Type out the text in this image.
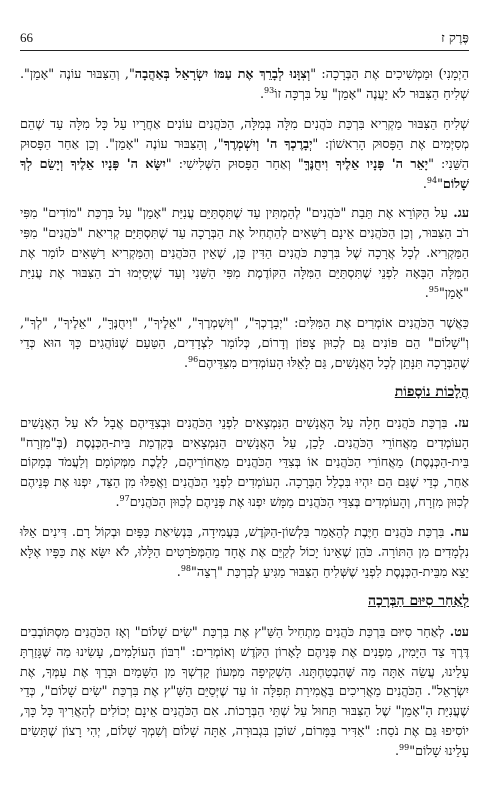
66	פֶּרֶק ז

הַיְמָנִי) וּמַמְשִׁיכִים אֶת הַבְּרָכָה: "וְצִוָּנוּ לְבָרֵךְ אֶת עַמּוֹ יִשְׂרָאֵל בְּאַהֲבָה", וְהַצִּבּוּר עוֹנֶה "אָמֵן". שְׁלִיחַ הַצִּבּוּר לֹא יַעֲנֶה "אָמֵן" עַל בִּרְכָּה זוֹ$^{93}$.

שְׁלִיחַ הַצִּבּוּר מַקְרִיא בִּרְכַּת כֹּהֲנִים מִלָּה בְּמִלָּה, הַכֹּהֲנִים עוֹנִים אַחֲרָיו עַל כָּל מִלָּה עַד שֶׁהֵם מְסַיְּמִים אֶת הַפָּסוּק הָרִאשׁוֹן: "יְבָרֶכְךָ ה' וְיִשְׁמְרֶךָ", וְהַצִּבּוּר עוֹנֶה "אָמֵן". וְכֵן אַחַר הַפָּסוּק הַשֵּׁנִי: "יָאֵר ה' פָּנָיו אֵלֶיךָ וִיחֻנֶּךָּ" וְאַחַר הַפָּסוּק הַשְּׁלִישִׁי: "יִשָּׂא ה' פָּנָיו אֵלֶיךָ וְיָשֵׂם לְךָ שָׁלוֹם"$^{94}$.

עג. עַל הַקּוֹרֵא אֶת תֵּבַת "כֹּהֲנִים" לְהַמְתִּין עַד שֶׁתִּסְתַּיֵּם עֲנִיַּת "אָמֵן" עַל בִּרְכַּת "מוֹדִים" מִפִּי רֹב הַצִּבּוּר, וְכֵן הַכֹּהֲנִים אֵינָם רַשָּׁאִים לְהַתְחִיל אֶת הַבְּרָכָה עַד שֶׁתִּסְתַּיֵּם קְרִיאַת "כֹּהֲנִים" מִפִּי הַמַּקְרִיא. לְכָל אֲרָכָה שֶׁל בִּרְכַּת כֹּהֲנִים הַדִּין כֵּן, שֶׁאֵין הַכֹּהֲנִים וְהַמַּקְרִיא רַשָּׁאִים לוֹמַר אֶת הַמִּלָּה הַבָּאָה לִפְנֵי שֶׁתִּסְתַּיֵּם הַמִּלָּה הַקּוֹדֶמֶת מִפִּי הַשֵּׁנִי וְעַד שֶׁיְּסַיְּמוּ רֹב הַצִּבּוּר אֶת עֲנִיַּת "אָמֵן"$^{95}$.

כַּאֲשֶׁר הַכֹּהֲנִים אוֹמְרִים אֶת הַמִּלִּים: "יְבָרֶכְךָ", "וְיִשְׁמְרֶךָ", "אֵלֶיךָ", "וִיחֻנֶּךָּ", "אֵלֶיךָ", "לְךָ", וְ"שָׁלוֹם" הֵם פּוֹנִים גַּם לְכִוּוּן צָפוֹן וְדָרוֹם, כְּלוֹמַר לִצְדָדִים, הַטַּעַם שֶׁנּוֹהֲגִים כָּךְ הוּא כְּדֵי שֶׁהַבְּרָכָה תִּנָּתֵן לְכָל הָאֲנָשִׁים, גַּם לָאֵלּוּ הָעוֹמְדִים מִצִּדֵּיהֶם$^{96}$.

הֲלָכוֹת נוֹסָפוֹת

עז. בִּרְכַּת כֹּהֲנִים חָלָה עַל הָאֲנָשִׁים הַנִּמְצָאִים לִפְנֵי הַכֹּהֲנִים וּבְצִדֵּיהֶם אֲבָל לֹא עַל הָאֲנָשִׁים הָעוֹמְדִים מֵאֲחוֹרֵי הַכֹּהֲנִים. לָכֵן, עַל הָאֲנָשִׁים הַנִּמְצָאִים בְּקִדְמַת בֵּית-הַכְּנֶסֶת (בְּ"מִזְרָח" בֵּית-הַכְּנֶסֶת) מֵאֲחוֹרֵי הַכֹּהֲנִים אוֹ בְּצִדֵּי הַכֹּהֲנִים מֵאֲחוֹרֵיהֶם, לָלֶכֶת מִמְּקוֹמָם וְלַעֲמֹד בְּמָקוֹם אַחֵר, כְּדֵי שֶׁגַּם הֵם יִהְיוּ בִּכְלַל הַבְּרָכָה. הָעוֹמְדִים לִפְנֵי הַכֹּהֲנִים וַאֲפִלּוּ מִן הַצַּד, יִפְנוּ אֶת פְּנֵיהֶם לְכִוּוּן מִזְרָח, וְהָעוֹמְדִים בְּצִדֵּי הַכֹּהֲנִים מַמָּשׁ יִפְנוּ אֶת פְּנֵיהֶם לְכִוּוּן הַכֹּהֲנִים$^{97}$.

עח. בִּרְכַּת כֹּהֲנִים חַיֶּבֶת לְהֵאָמֵר בִּלְשׁוֹן-הַקֹּדֶשׁ, בַּעֲמִידָה, בִּנְשִׂיאַת כַּפַּיִם וּבְקוֹל רָם. דִּינִים אֵלּוּ נִלְמָדִים מִן הַתּוֹרָה. כֹּהֵן שֶׁאֵינוֹ יָכוֹל לְקַיֵּם אֶת אֶחָד מֵהַמְּפֹרָטִים הַלָּלוּ, לֹא יִשָּׂא אֶת כַּפָּיו אֶלָּא יֵצֵא מִבֵּית-הַכְּנֶסֶת לִפְנֵי שֶׁשְּׁלִיחַ הַצִּבּוּר מַגִּיעַ לְבִרְכַּת "רְצֵה"$^{98}$.

לְאַחַר סִיּוּם הַבְּרָכָה

עט. לְאַחַר סִיּוּם בִּרְכַּת כֹּהֲנִים מַתְחִיל הַשַּׁ"ץ אֶת בִּרְכַּת "שִׂים שָׁלוֹם" וְאָז הַכֹּהֲנִים מִסְתּוֹבְבִים דֶּרֶךְ צַד הַיָּמִין, מַפְנִים אֶת פְּנֵיהֶם לָאָרוֹן הַקֹּדֶשׁ וְאוֹמְרִים: "רִבּוֹן הָעוֹלָמִים, עָשִׂינוּ מַה שֶּׁגָּזַרְתָּ עָלֵינוּ, עֲשֵׂה אַתָּה מַה שֶּׁהִבְטַחְתָּנוּ. הַשְׁקִיפָה מִמְּעוֹן קָדְשְׁךָ מִן הַשָּׁמַיִם וּבָרֵךְ אֶת עַמְּךָ, אֶת יִשְׂרָאֵל". הַכֹּהֲנִים מַאֲרִיכִים בַּאֲמִירַת תְּפִלָּה זוֹ עַד שֶׁיְּסַיֵּם הַשַּׁ"ץ אֶת בִּרְכַּת "שִׂים שָׁלוֹם", כְּדֵי שֶׁעֲנִיַּת הָ"אָמֵן" שֶׁל הַצִּבּוּר תַּחוּל עַל שְׁתֵּי הַבְּרָכוֹת. אִם הַכֹּהֲנִים אֵינָם יְכוֹלִים לְהַאֲרִיךְ כָּל כָּךְ, יוֹסִיפוּ גַּם אֶת נֹסַח: "אַדִּיר בַּמָּרוֹם, שׁוֹכֵן בִּגְבוּרָה, אַתָּה שָׁלוֹם וְשִׁמְךָ שָׁלוֹם, יְהִי רָצוֹן שֶׁתָּשִׂים עָלֵינוּ שָׁלוֹם"$^{99}$.
